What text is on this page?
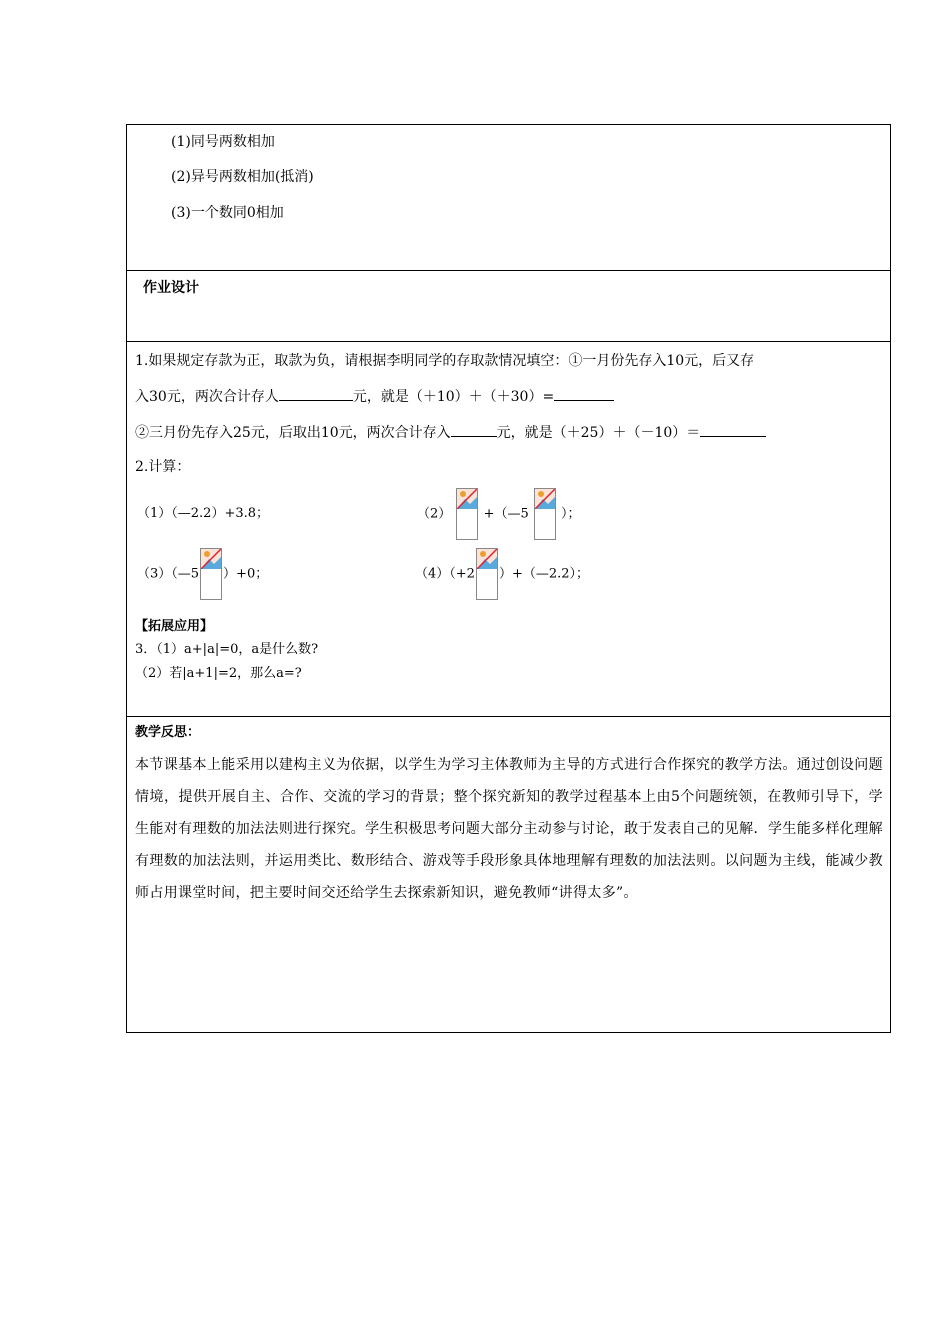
(1)同号两数相加
(2)异号两数相加(抵消)
(3)一个数同0相加

作业设计

1.如果规定存款为正，取款为负，请根据李明同学的存取款情况填空：①一月份先存入10元，后又存
入30元，两次合计存人	元，就是（＋10）＋（＋30）=
②三月份先存入25元，后取出10元，两次合计存入	元，就是（＋25）＋（－10）＝
2.计算：
（1）（—2.2）+3.8；	（2） +（—5 ）；
（3）（—5 ）+0；	（4）（+2 ）+（—2.2）；
【拓展应用】
3．（1）a+|a|=0，a是什么数?
（2）若|a+1|=2，那么a=?

教学反思：
本节课基本上能采用以建构主义为依据，以学生为学习主体教师为主导的方式进行合作探究的教学方法。通过创设问题情境，提供开展自主、合作、交流的学习的背景；整个探究新知的教学过程基本上由5个问题统领，在教师引导下，学生能对有理数的加法法则进行探究。学生积极思考问题大部分主动参与讨论，敢于发表自己的见解．学生能多样化理解有理数的加法法则，并运用类比、数形结合、游戏等手段形象具体地理解有理数的加法法则。以问题为主线，能减少教师占用课堂时间，把主要时间交还给学生去探索新知识，避免教师“讲得太多”。
